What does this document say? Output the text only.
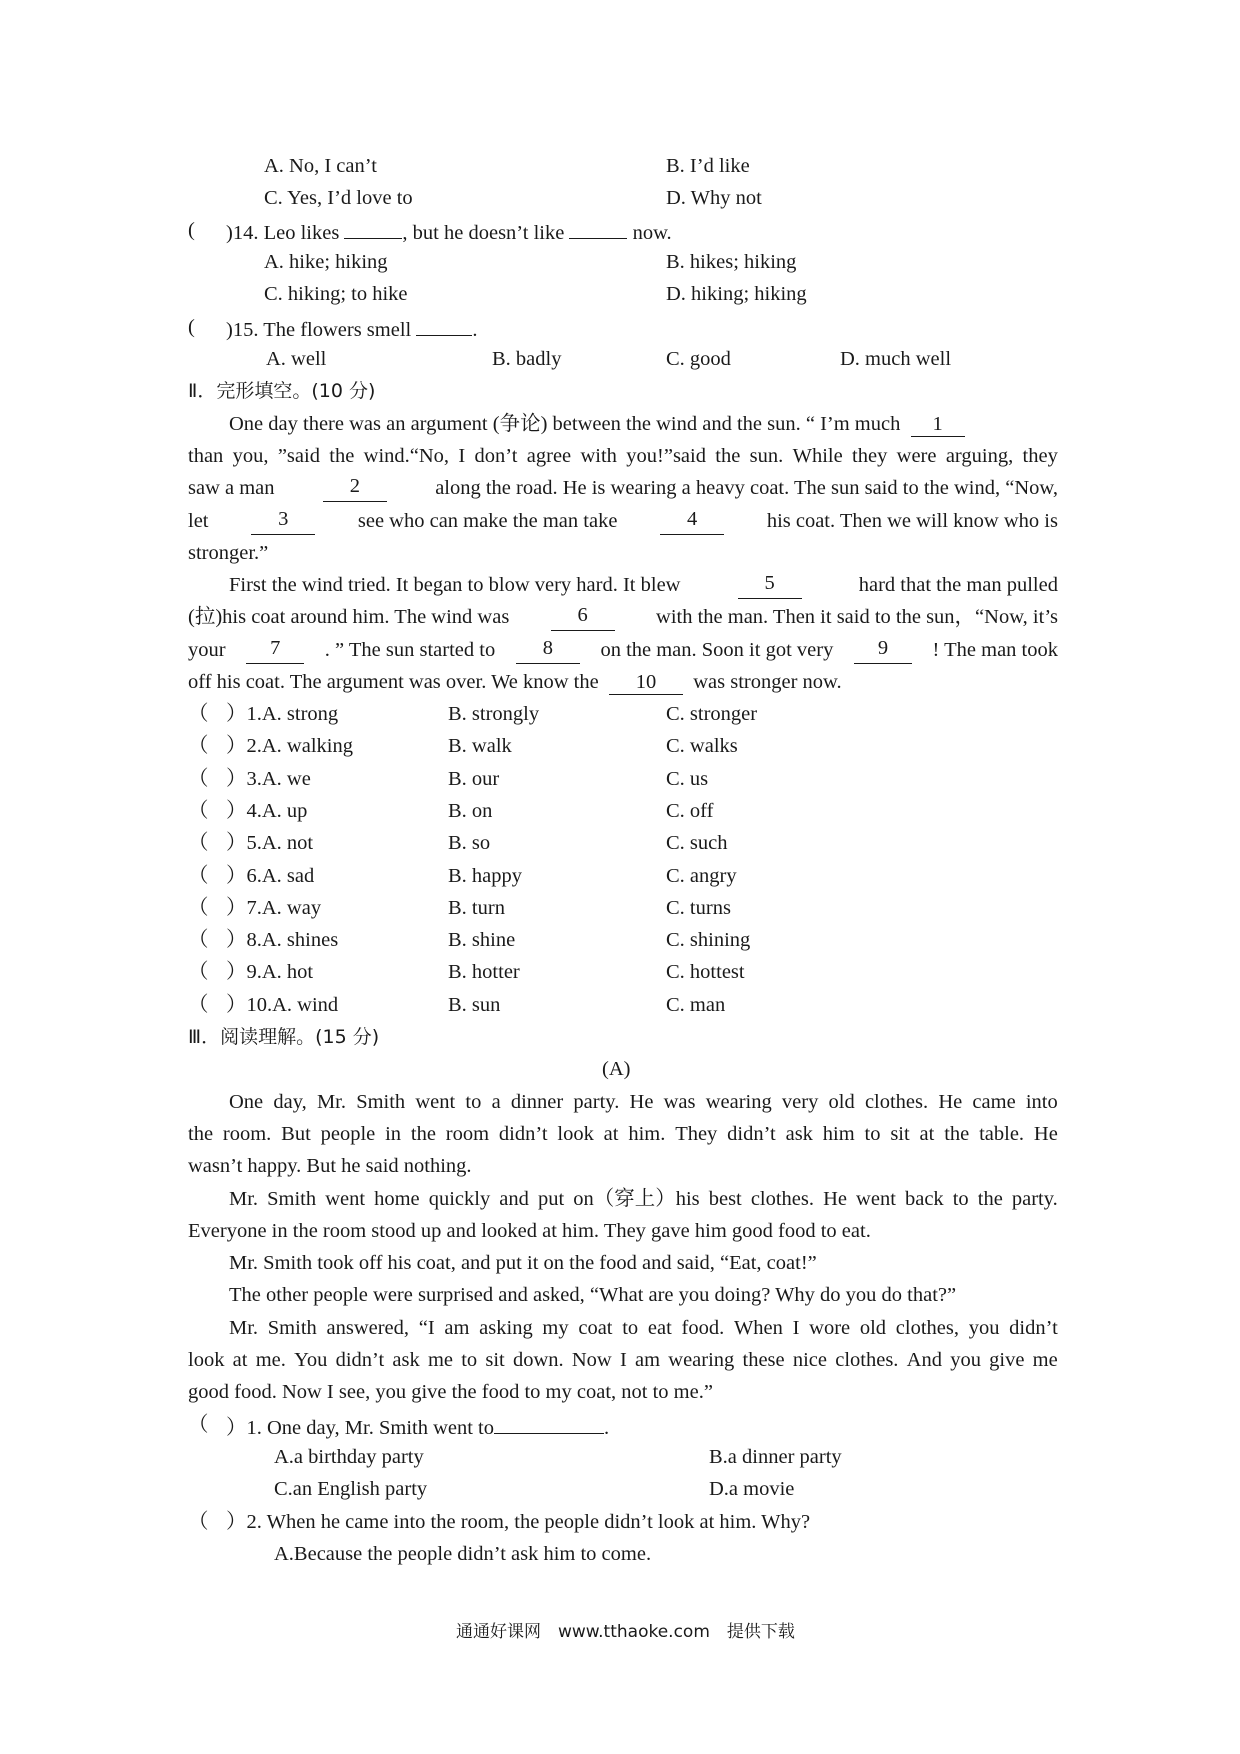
A. No, I can’t	B. I’d like
C. Yes, I’d love to	D. Why not
( )14. Leo likes	, but he doesn’t like	now.
A. hike; hiking	B. hikes; hiking
C. hiking; to hike	D. hiking; hiking
( )15. The flowers smell	.
A. well	B. badly	C. good	D. much well
Ⅱ．完形填空。(10 分)
One day there was an argument (争论) between the wind and the sun. “ I’m much 1
than you, ”said the wind.“No, I don’t agree with you!”said the sun. While they were arguing, they
saw a man	2	along the road. He is wearing a heavy coat. The sun said to the wind, “Now,
let	3	see who can make the man take	4	his coat. Then we will know who is
stronger.”
First the wind tried. It began to blow very hard. It blew	5	hard that the man pulled
(拉)his coat around him. The wind was	6	with the man. Then it said to the sun，“Now, it’s
your	7	. ” The sun started to	8	on the man. Soon it got very	9	! The man took
off his coat. The argument was over. We know the 10 was stronger now.
（ ）1.A. strong	B. strongly	C. stronger
（ ）2.A. walking	B. walk	C. walks
（ ）3.A. we	B. our	C. us
（ ）4.A. up	B. on	C. off
（ ）5.A. not	B. so	C. such
（ ）6.A. sad	B. happy	C. angry
（ ）7.A. way	B. turn	C. turns
（ ）8.A. shines	B. shine	C. shining
（ ）9.A. hot	B. hotter	C. hottest
（ ）10.A. wind	B. sun	C. man
Ⅲ．阅读理解。(15 分)
(A)
One day, Mr. Smith went to a dinner party. He was wearing very old clothes. He came into
the room. But people in the room didn’t look at him. They didn’t ask him to sit at the table. He
wasn’t happy. But he said nothing.
Mr. Smith went home quickly and put on（穿上）his best clothes. He went back to the party.
Everyone in the room stood up and looked at him. They gave him good food to eat.
Mr. Smith took off his coat, and put it on the food and said, “Eat, coat!”
The other people were surprised and asked, “What are you doing? Why do you do that?”
Mr. Smith answered, “I am asking my coat to eat food. When I wore old clothes, you didn’t
look at me. You didn’t ask me to sit down. Now I am wearing these nice clothes. And you give me
good food. Now I see, you give the food to my coat, not to me.”
（ ）1. One day, Mr. Smith went to	.
A.a birthday party	B.a dinner party
C.an English party	D.a movie
（ ）2. When he came into the room, the people didn’t look at him. Why?
A.Because the people didn’t ask him to come.
通通好课网　www.tthaoke.com　提供下载
